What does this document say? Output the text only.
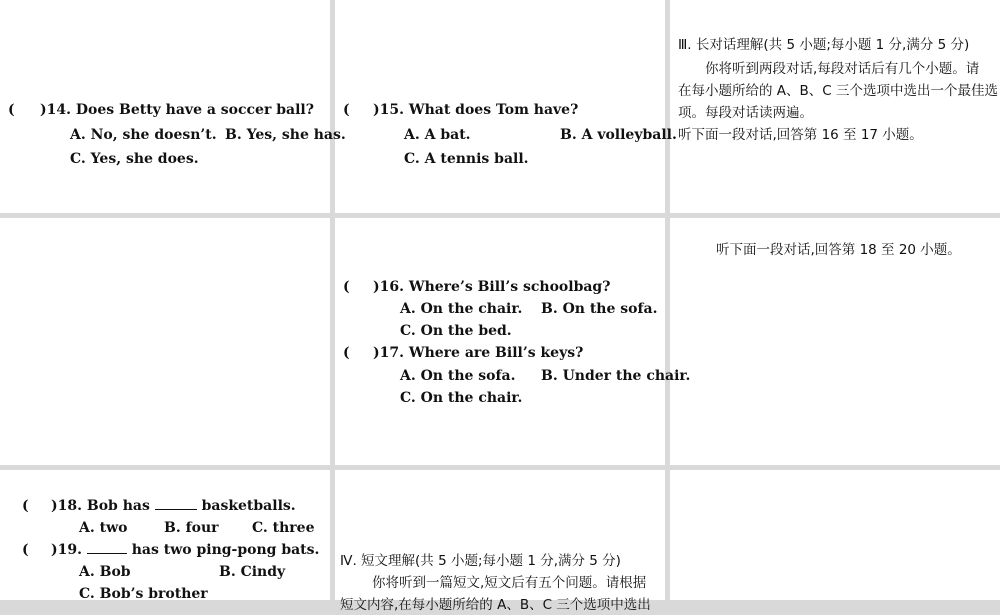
( )14. Does Betty have a soccer ball?
A. No, she doesn’t. B. Yes, she has.
C. Yes, she does.
( )15. What does Tom have?
A. A bat.	B. A volleyball.
C. A tennis ball.
Ⅲ. 长对话理解(共 5 小题;每小题 1 分,满分 5 分)
你将听到两段对话,每段对话后有几个小题。请
在每小题所给的 A、B、C 三个选项中选出一个最佳选
项。每段对话读两遍。
听下面一段对话,回答第 16 至 17 小题。
( )16. Where’s Bill’s schoolbag?
A. On the chair. B. On the sofa.
C. On the bed.
( )17. Where are Bill’s keys?
A. On the sofa. B. Under the chair.
C. On the chair.
听下面一段对话,回答第 18 至 20 小题。
( )18. Bob has	basketballs.
A. two	B. four C. three
( )19.	has two ping-pong bats.
A. Bob	B. Cindy
C. Bob’s brother
Ⅳ. 短文理解(共 5 小题;每小题 1 分,满分 5 分)
你将听到一篇短文,短文后有五个问题。请根据
短文内容,在每小题所给的 A、B、C 三个选项中选出
